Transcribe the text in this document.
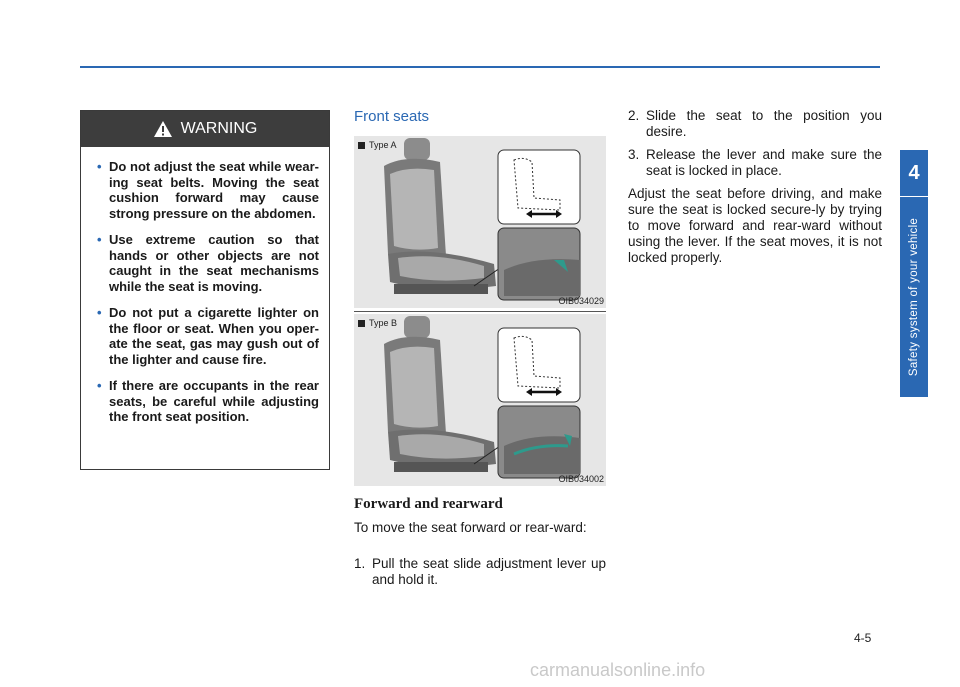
WARNING
• Do not adjust the seat while wear-ing seat belts. Moving the seat cushion forward may cause strong pressure on the abdomen.
• Use extreme caution so that hands or other objects are not caught in the seat mechanisms while the seat is moving.
• Do not put a cigarette lighter on the floor or seat. When you oper-ate the seat, gas may gush out of the lighter and cause fire.
• If there are occupants in the rear seats, be careful while adjusting the front seat position.
Front seats
Type A
OIB034029
Type B
OIB034002
Forward and rearward
To move the seat forward or rear-ward:
1. Pull the seat slide adjustment lever up and hold it.
2. Slide the seat to the position you desire.
3. Release the lever and make sure the seat is locked in place.

Adjust the seat before driving, and make sure the seat is locked secure-ly by trying to move forward and rear-ward without using the lever. If the seat moves, it is not locked properly.

4
Safety system of your vehicle
4-5
carmanualsonline.info
